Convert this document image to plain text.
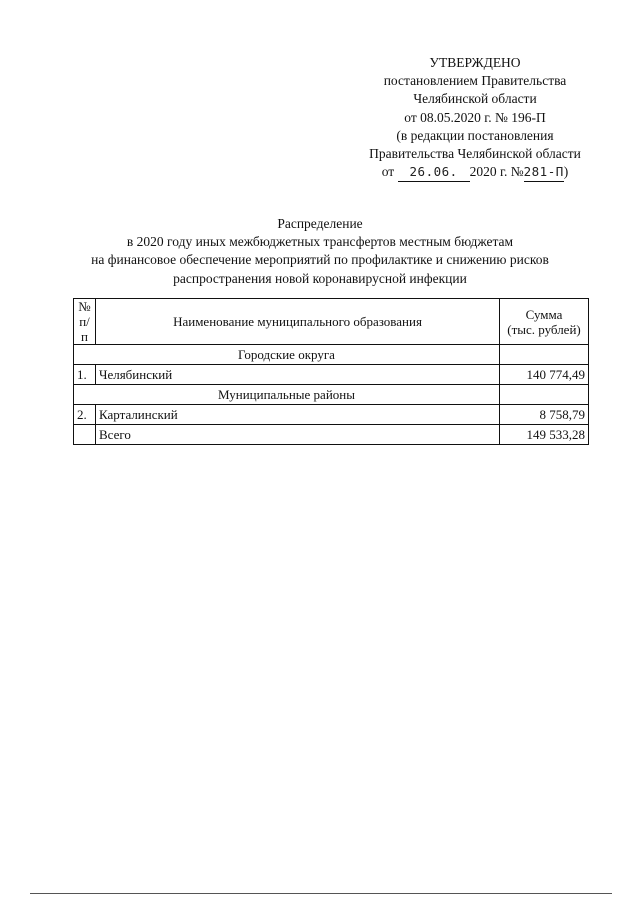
УТВЕРЖДЕНО
постановлением Правительства
Челябинской области
от 08.05.2020 г. № 196-П
(в редакции постановления
Правительства Челябинской области
от 26.06. 2020 г. №281-П)
Распределение
в 2020 году иных межбюджетных трансфертов местным бюджетам
на финансовое обеспечение мероприятий по профилактике и снижению рисков
распространения новой коронавирусной инфекции
№
п/п	Наименование муниципального образования	Сумма
(тыс. рублей)
Городские округа		
1.	Челябинский	140 774,49
Муниципальные районы		
2.	Карталинский	8 758,79
	Всего	149 533,28
